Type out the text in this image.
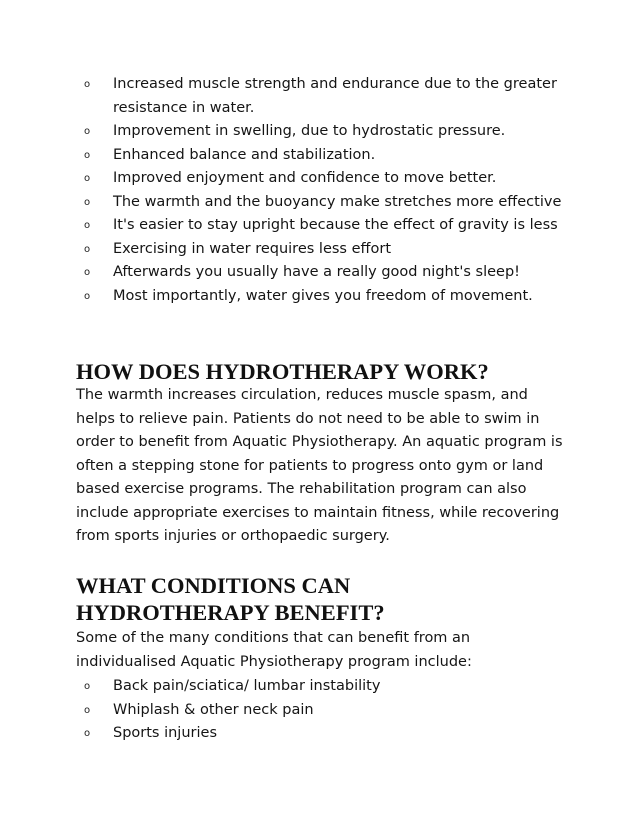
o Increased muscle strength and endurance due to the greater resistance in water.
o Improvement in swelling, due to hydrostatic pressure.
o Enhanced balance and stabilization.
o Improved enjoyment and confidence to move better.
o The warmth and the buoyancy make stretches more effective
o It's easier to stay upright because the effect of gravity is less
o Exercising in water requires less effort
o Afterwards you usually have a really good night's sleep!
o Most importantly, water gives you freedom of movement.
HOW DOES HYDROTHERAPY WORK?

The warmth increases circulation, reduces muscle spasm, and helps to relieve pain. Patients do not need to be able to swim in order to benefit from Aquatic Physiotherapy. An aquatic program is often a stepping stone for patients to progress onto gym or land based exercise programs. The rehabilitation program can also include appropriate exercises to maintain fitness, while recovering from sports injuries or orthopaedic surgery.

WHAT CONDITIONS CAN HYDROTHERAPY BENEFIT?

Some of the many conditions that can benefit from an individualised Aquatic Physiotherapy program include:

o Back pain/sciatica/ lumbar instability
o Whiplash & other neck pain
o Sports injuries
